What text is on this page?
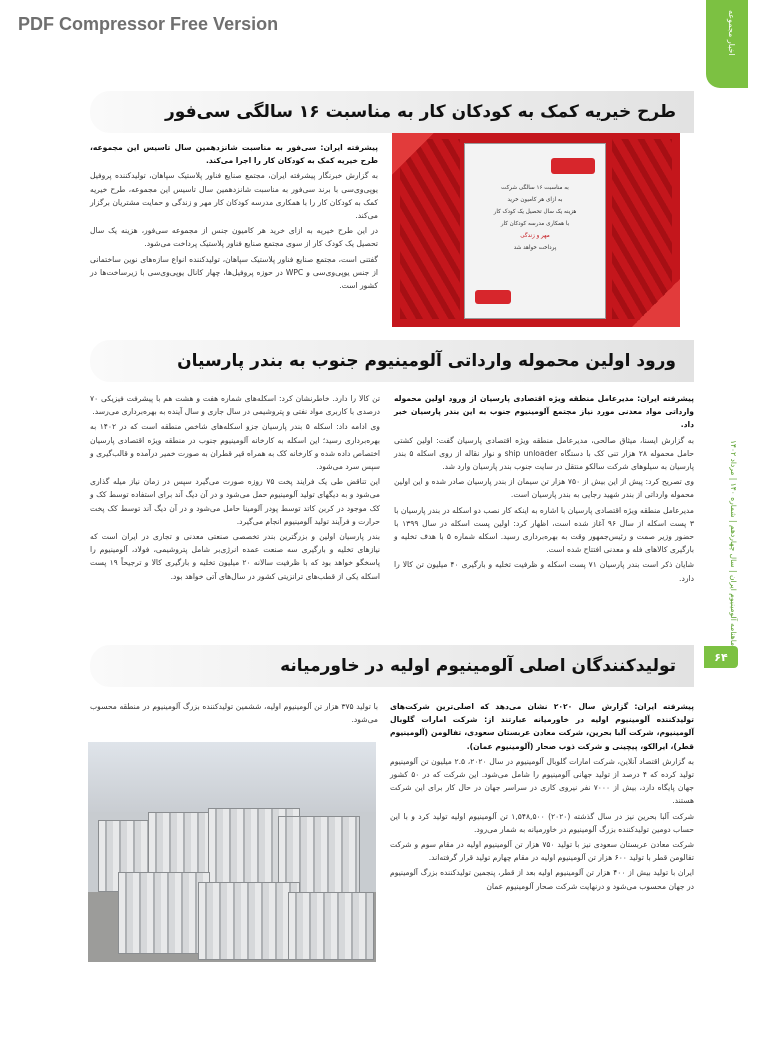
PDF Compressor Free Version	اخبار مجموعه
ماهنامه آلومینیوم ایران | سال چهاردهم | شماره ۱۴۰ | مرداد ۱۴۰۲
۶۴
طرح خیریه کمک به کودکان کار به مناسبت ۱۶ سالگی سی‌فور

پیشرفته ایران: سی‌فور به مناسبت شانزدهمین سال تاسیس این مجموعه، طرح خیریه کمک به کودکان کار را اجرا می‌کند.

به گزارش خبرنگار پیشرفته ایران، مجتمع صنایع فناور پلاستیک سپاهان، تولیدکننده پروفیل یو‌پی‌وی‌سی با برند سی‌فور به مناسبت شانزدهمین سال تاسیس این مجموعه، طرح خیریه کمک به کودکان کار را با همکاری مدرسه کودکان کار مهر و زندگی و حمایت مشتریان برگزار می‌کند.

در این طرح خیریه به ازای خرید هر کامیون جنس از مجموعه سی‌فور، هزینه یک سال تحصیل یک کودک کار از سوی مجتمع صنایع فناور پلاستیک پرداخت می‌شود.

گفتنی است، مجتمع صنایع فناور پلاستیک سپاهان، تولیدکننده انواع سازه‌های نوین ساختمانی از جنس یو‌پی‌وی‌سی و WPC در حوزه پروفیل‌ها، چهار کانال یو‌پی‌وی‌سی با زیرساخت‌ها در کشور است.

به مناسبت ۱۶ سالگی شرکت
به ازای هر کامیون خرید
هزینه یک سال تحصیل یک کودک کار
با همکاری مدرسه کودکان کار
مهر و زندگی
پرداخت خواهد شد
ورود اولین محموله وارداتی آلومینیوم جنوب به بندر پارسیان

پیشرفته ایران: مدیرعامل منطقه ویژه اقتصادی پارسیان از ورود اولین محموله وارداتی مواد معدنی مورد نیاز مجتمع آلومینیوم جنوب به این بندر پارسیان خبر داد.

به گزارش ایسنا، میثاق صالحی، مدیرعامل منطقه ویژه اقتصادی پارسیان گفت: اولین کشتی حامل محموله ۲۸ هزار تنی کک با دستگاه ship unloader و نوار نقاله از روی اسکله ۵ بندر پارسیان به سیلوهای شرکت سالکو منتقل در سایت جنوب بندر پارسیان وارد شد.

وی تصریح کرد: پیش از این بیش از ۷۵۰ هزار تن سیمان از بندر پارسیان صادر شده و این اولین محموله وارداتی از بندر شهید رجایی به بندر پارسیان است.

مدیرعامل منطقه ویژه اقتصادی پارسیان با اشاره به اینکه کار نصب دو اسکله در بندر پارسیان با ۳ پست اسکله از سال ۹۶ آغاز شده است، اظهار کرد: اولین پست اسکله در سال ۱۳۹۹ با حضور وزیر صمت و رئیس‌جمهور وقت به بهره‌برداری رسید. اسکله شماره ۵ با هدف تخلیه و بارگیری کالاهای فله و معدنی افتتاح شده است.

شایان ذکر است بندر پارسیان ۷۱ پست اسکله و ظرفیت تخلیه و بارگیری ۴۰ میلیون تن کالا را دارد.

تن کالا را دارد. خاطرنشان کرد: اسکله‌های شماره هفت و هشت هم با پیشرفت فیزیکی ۷۰ درصدی با کاربری مواد نفتی و پتروشیمی در سال جاری و سال آینده به بهره‌برداری می‌رسد.

وی ادامه داد: اسکله ۵ بندر پارسیان جزو اسکله‌های شاخص منطقه است که در ۱۴۰۲ به بهره‌برداری رسید؛ این اسکله به کارخانه آلومینیوم جنوب در منطقه ویژه اقتصادی پارسیان اختصاص داده شده و کارخانه کک به همراه قیر قطران به صورت خمیر درآمده و قالب‌گیری و سپس سرد می‌شود.

این تناقض طی یک فرایند پخت ۷۵ روزه صورت می‌گیرد سپس در زمان نیاز میله گذاری می‌شود و به دیگهای تولید آلومینیوم حمل می‌شود و در آن دیگ آند برای استفاده توسط کک و کک موجود در کربن کاتد توسط پودر آلومینا حامل می‌شود و در آن دیگ آند توسط کک پخت حرارت و فرآیند تولید آلومینیوم انجام می‌گیرد.

بندر پارسیان اولین و بزرگترین بندر تخصصی صنعتی معدنی و تجاری در ایران است که نیازهای تخلیه و بارگیری سه صنعت عمده انرژی‌بر شامل پتروشیمی، فولاد، آلومینیوم را پاسخگو خواهد بود که با ظرفیت سالانه ۲۰ میلیون تخلیه و بارگیری کالا و ترجیحاً ۱۹ پست اسکله یکی از قطب‌های ترانزیتی کشور در سال‌های آتی خواهد بود.

تولیدکنندگان اصلی آلومینیوم اولیه در خاورمیانه

پیشرفته ایران: گزارش سال ۲۰۲۰ نشان می‌دهد که اصلی‌ترین شرکت‌های تولیدکننده آلومینیوم اولیه در خاورمیانه عبارتند از: شرکت امارات گلوبال آلومینیوم، شرکت آلبا بحرین، شرکت معادن عربستان سعودی، تفالومن (آلومینیوم قطر)، ایرالکو، پیچینی و شرکت ذوب صحار (آلومینیوم عمان).

به گزارش اقتصاد آنلاین، شرکت امارات گلوبال آلومینیوم در سال ۲۰۲۰، ۲.۵ میلیون تن آلومینیوم تولید کرده که ۴ درصد از تولید جهانی آلومینیوم را شامل می‌شود. این شرکت که در ۵۰ کشور جهان پایگاه دارد، بیش از ۷۰۰۰ نفر نیروی کاری در سراسر جهان در حال کار برای این شرکت هستند.

شرکت آلبا بحرین نیز در سال گذشته (۲۰۲۰) ۱,۵۴۸,۵۰۰ تن آلومینیوم اولیه تولید کرد و با این حساب دومین تولیدکننده بزرگ آلومینیوم در خاورمیانه به شمار می‌رود.

شرکت معادن عربستان سعودی نیز با تولید ۷۵۰ هزار تن آلومینیوم اولیه در مقام سوم و شرکت تفالومن قطر با تولید ۶۰۰ هزار تن آلومینیوم اولیه در مقام چهارم تولید قرار گرفته‌اند.

ایران با تولید بیش از ۴۰۰ هزار تن آلومینیوم اولیه بعد از قطر، پنجمین تولیدکننده بزرگ آلومینیوم در جهان محسوب می‌شود و درنهایت شرکت صحار آلومینیوم عمان

با تولید ۳۷۵ هزار تن آلومینیوم اولیه، ششمین تولیدکننده بزرگ آلومینیوم در منطقه محسوب می‌شود.
